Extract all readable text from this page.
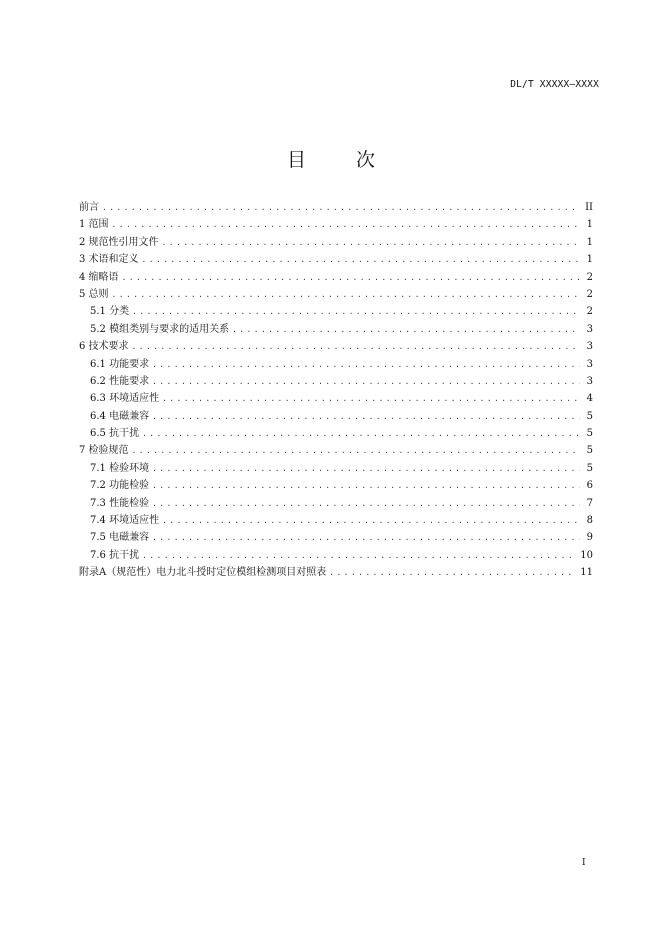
DL/T XXXXX—XXXX
目 次
前言 .....	II
1 范围 .....	1
2 规范性引用文件 .....	1
3 术语和定义 .....	1
4 缩略语 .....	2
5 总则 .....	2
5.1 分类 .....	2
5.2 模组类别与要求的适用关系 .....	3
6 技术要求 .....	3
6.1 功能要求 .....	3
6.2 性能要求 .....	3
6.3 环境适应性 .....	4
6.4 电磁兼容 .....	5
6.5 抗干扰 .....	5
7 检验规范 .....	5
7.1 检验环境 .....	5
7.2 功能检验 .....	6
7.3 性能检验 .....	7
7.4 环境适应性 .....	8
7.5 电磁兼容 .....	9
7.6 抗干扰 .....	10
附录A（规范性）电力北斗授时定位模组检测项目对照表 .....	11
I
